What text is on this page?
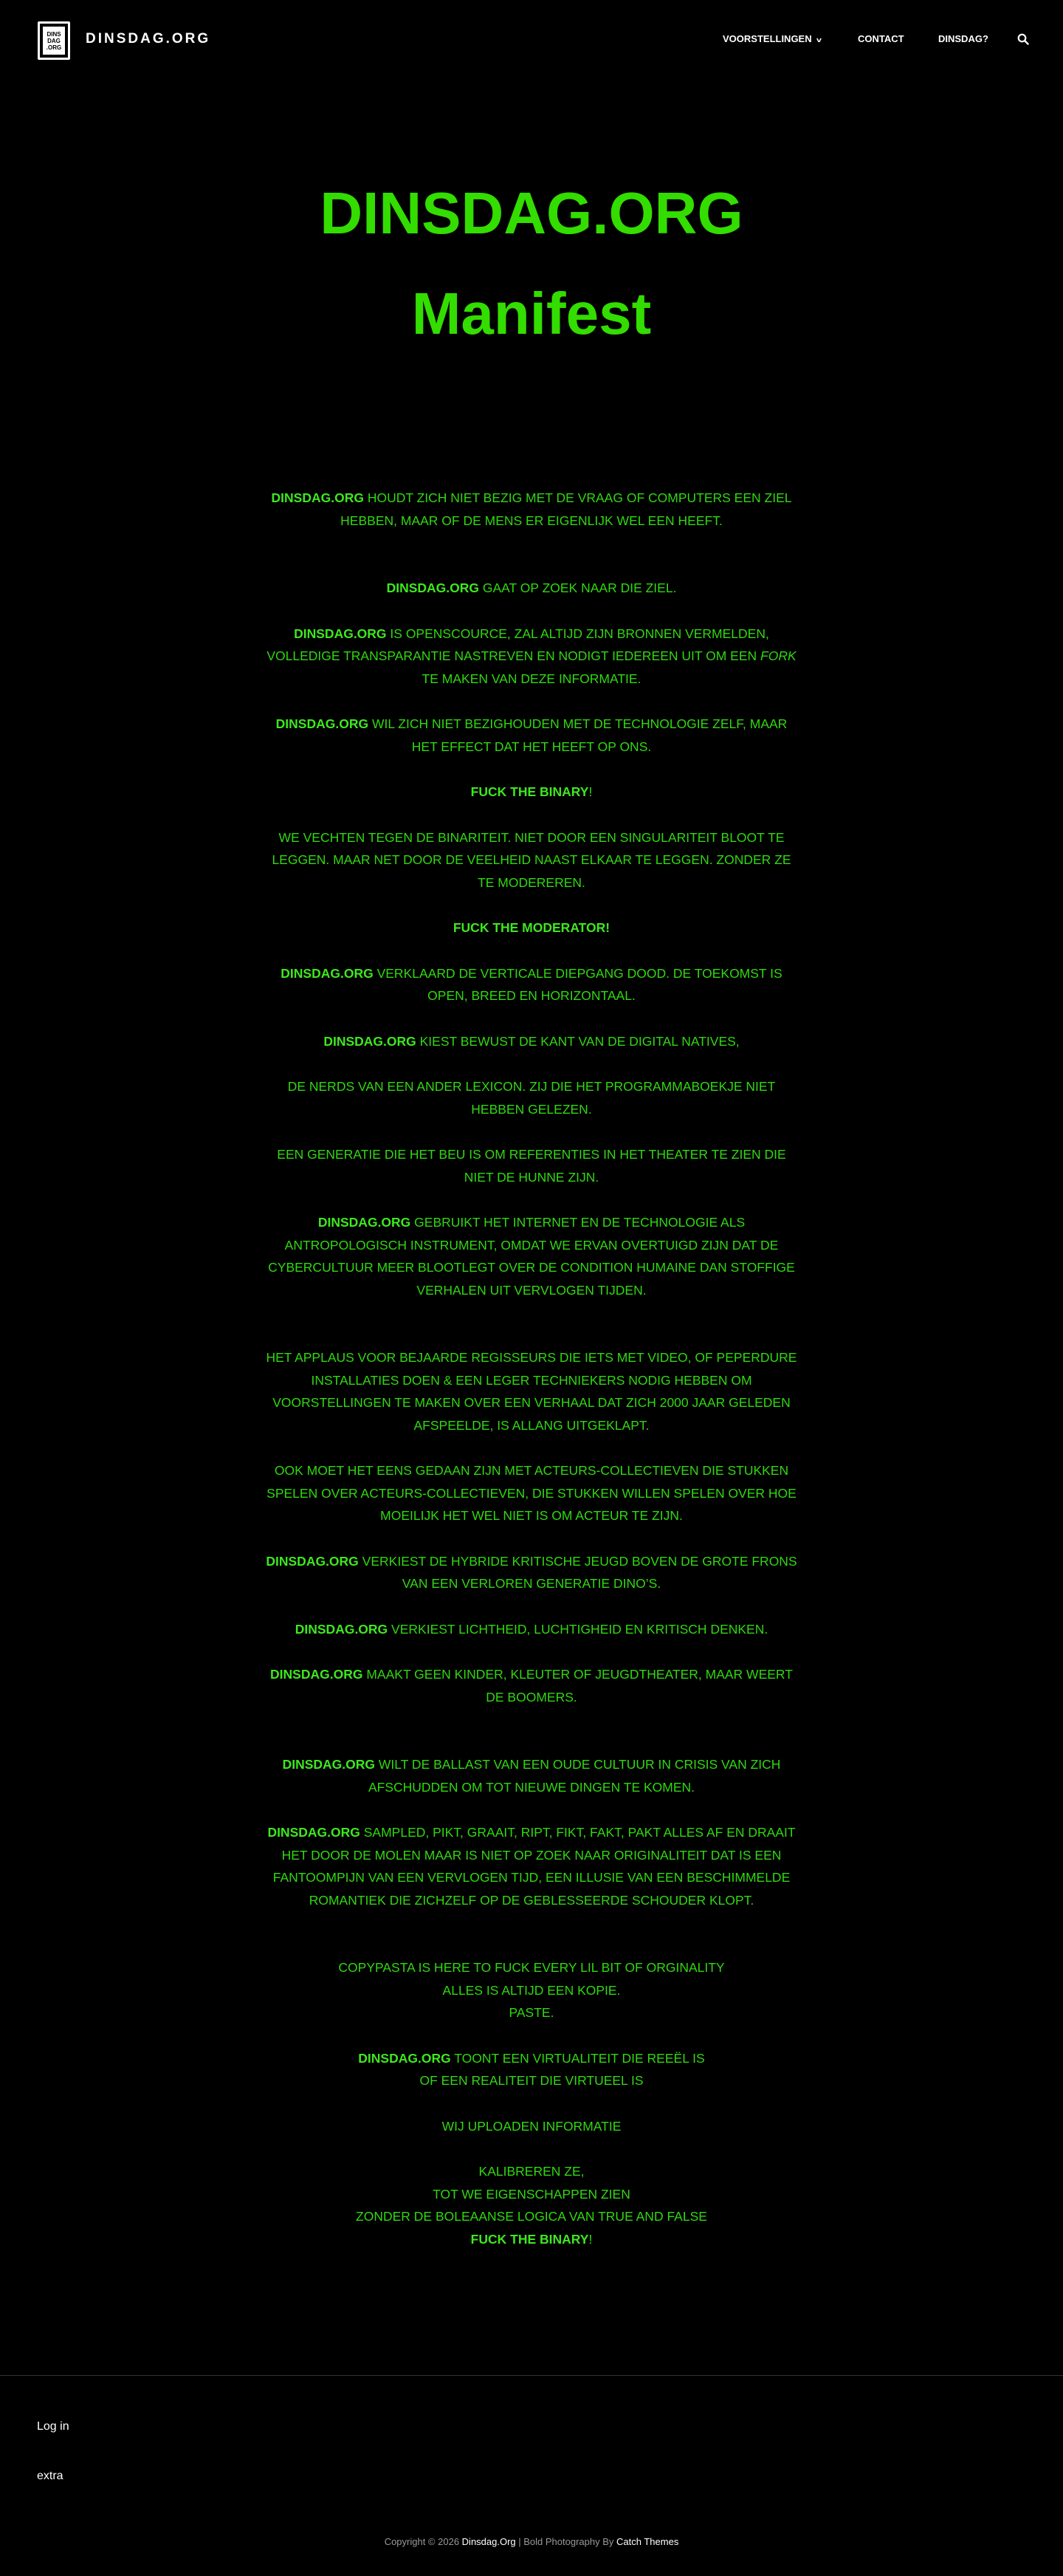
DINS
DAG
.ORG
DINSDAG.ORG	VOORSTELLINGEN v	CONTACT	DINSDAG?
DINSDAG.ORG
Manifest

DINSDAG.ORG HOUDT ZICH NIET BEZIG MET DE VRAAG OF COMPUTERS EEN ZIEL HEBBEN, MAAR OF DE MENS ER EIGENLIJK WEL EEN HEEFT.

DINSDAG.ORG GAAT OP ZOEK NAAR DIE ZIEL.

DINSDAG.ORG IS OPENSCOURCE, ZAL ALTIJD ZIJN BRONNEN VERMELDEN, VOLLEDIGE TRANSPARANTIE NASTREVEN EN NODIGT IEDEREEN UIT OM EEN FORK TE MAKEN VAN DEZE INFORMATIE.

DINSDAG.ORG WIL ZICH NIET BEZIGHOUDEN MET DE TECHNOLOGIE ZELF, MAAR HET EFFECT DAT HET HEEFT OP ONS.

FUCK THE BINARY!

WE VECHTEN TEGEN DE BINARITEIT. NIET DOOR EEN SINGULARITEIT BLOOT TE LEGGEN. MAAR NET DOOR DE VEELHEID NAAST ELKAAR TE LEGGEN. ZONDER ZE TE MODEREREN.

FUCK THE MODERATOR!

DINSDAG.ORG VERKLAARD DE VERTICALE DIEPGANG DOOD. DE TOEKOMST IS OPEN, BREED EN HORIZONTAAL.

DINSDAG.ORG KIEST BEWUST DE KANT VAN DE DIGITAL NATIVES,

DE NERDS VAN EEN ANDER LEXICON. ZIJ DIE HET PROGRAMMABOEKJE NIET HEBBEN GELEZEN.

EEN GENERATIE DIE HET BEU IS OM REFERENTIES IN HET THEATER TE ZIEN DIE NIET DE HUNNE ZIJN.

DINSDAG.ORG GEBRUIKT HET INTERNET EN DE TECHNOLOGIE ALS ANTROPOLOGISCH INSTRUMENT, OMDAT WE ERVAN OVERTUIGD ZIJN DAT DE CYBERCULTUUR MEER BLOOTLEGT OVER DE CONDITION HUMAINE DAN STOFFIGE VERHALEN UIT VERVLOGEN TIJDEN.

HET APPLAUS VOOR BEJAARDE REGISSEURS DIE IETS MET VIDEO, OF PEPERDURE INSTALLATIES DOEN & EEN LEGER TECHNIEKERS NODIG HEBBEN OM VOORSTELLINGEN TE MAKEN OVER EEN VERHAAL DAT ZICH 2000 JAAR GELEDEN AFSPEELDE, IS ALLANG UITGEKLAPT.

OOK MOET HET EENS GEDAAN ZIJN MET ACTEURS-COLLECTIEVEN DIE STUKKEN SPELEN OVER ACTEURS-COLLECTIEVEN, DIE STUKKEN WILLEN SPELEN OVER HOE MOEILIJK HET WEL NIET IS OM ACTEUR TE ZIJN.

DINSDAG.ORG VERKIEST DE HYBRIDE KRITISCHE JEUGD BOVEN DE GROTE FRONS VAN EEN VERLOREN GENERATIE DINO’S.

DINSDAG.ORG VERKIEST LICHTHEID, LUCHTIGHEID EN KRITISCH DENKEN.

DINSDAG.ORG MAAKT GEEN KINDER, KLEUTER OF JEUGDTHEATER, MAAR WEERT DE BOOMERS.

DINSDAG.ORG WILT DE BALLAST VAN EEN OUDE CULTUUR IN CRISIS VAN ZICH AFSCHUDDEN OM TOT NIEUWE DINGEN TE KOMEN.

DINSDAG.ORG SAMPLED, PIKT, GRAAIT, RIPT, FIKT, FAKT, PAKT ALLES AF EN DRAAIT HET DOOR DE MOLEN MAAR IS NIET OP ZOEK NAAR ORIGINALITEIT DAT IS EEN FANTOOMPIJN VAN EEN VERVLOGEN TIJD, EEN ILLUSIE VAN EEN BESCHIMMELDE ROMANTIEK DIE ZICHZELF OP DE GEBLESSEERDE SCHOUDER KLOPT.

COPYPASTA IS HERE TO FUCK EVERY LIL BIT OF ORGINALITY
ALLES IS ALTIJD EEN KOPIE.
PASTE.

DINSDAG.ORG TOONT EEN VIRTUALITEIT DIE REEËL IS
OF EEN REALITEIT DIE VIRTUEEL IS

WIJ UPLOADEN INFORMATIE

KALIBREREN ZE,
TOT WE EIGENSCHAPPEN ZIEN
ZONDER DE BOLEAANSE LOGICA VAN TRUE AND FALSE
FUCK THE BINARY!

Log in
extra
Copyright © 2026 Dinsdag.Org | Bold Photography By Catch Themes
